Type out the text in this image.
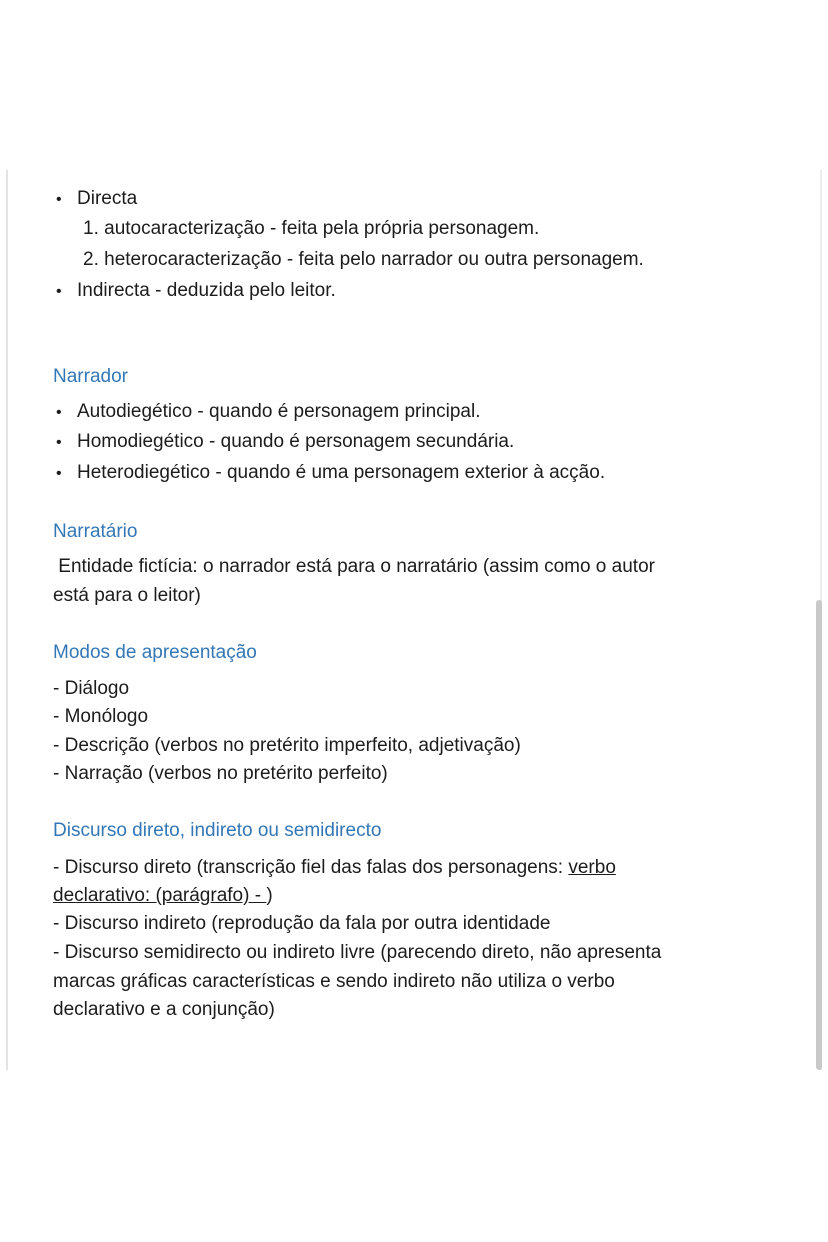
• Directa
1. autocaracterização - feita pela própria personagem.
2. heterocaracterização - feita pelo narrador ou outra personagem.
• Indirecta - deduzida pelo leitor.
Narrador
• Autodiegético - quando é personagem principal.
• Homodiegético - quando é personagem secundária.
• Heterodiegético - quando é uma personagem exterior à acção.
Narratário
Entidade fictícia: o narrador está para o narratário (assim como o autor
está para o leitor)
Modos de apresentação
- Diálogo
- Monólogo
- Descrição (verbos no pretérito imperfeito, adjetivação)
- Narração (verbos no pretérito perfeito)
Discurso direto, indireto ou semidirecto
- Discurso direto (transcrição fiel das falas dos personagens: verbo
declarativo: (parágrafo) - )
- Discurso indireto (reprodução da fala por outra identidade
- Discurso semidirecto ou indireto livre (parecendo direto, não apresenta
marcas gráficas características e sendo indireto não utiliza o verbo
declarativo e a conjunção)
